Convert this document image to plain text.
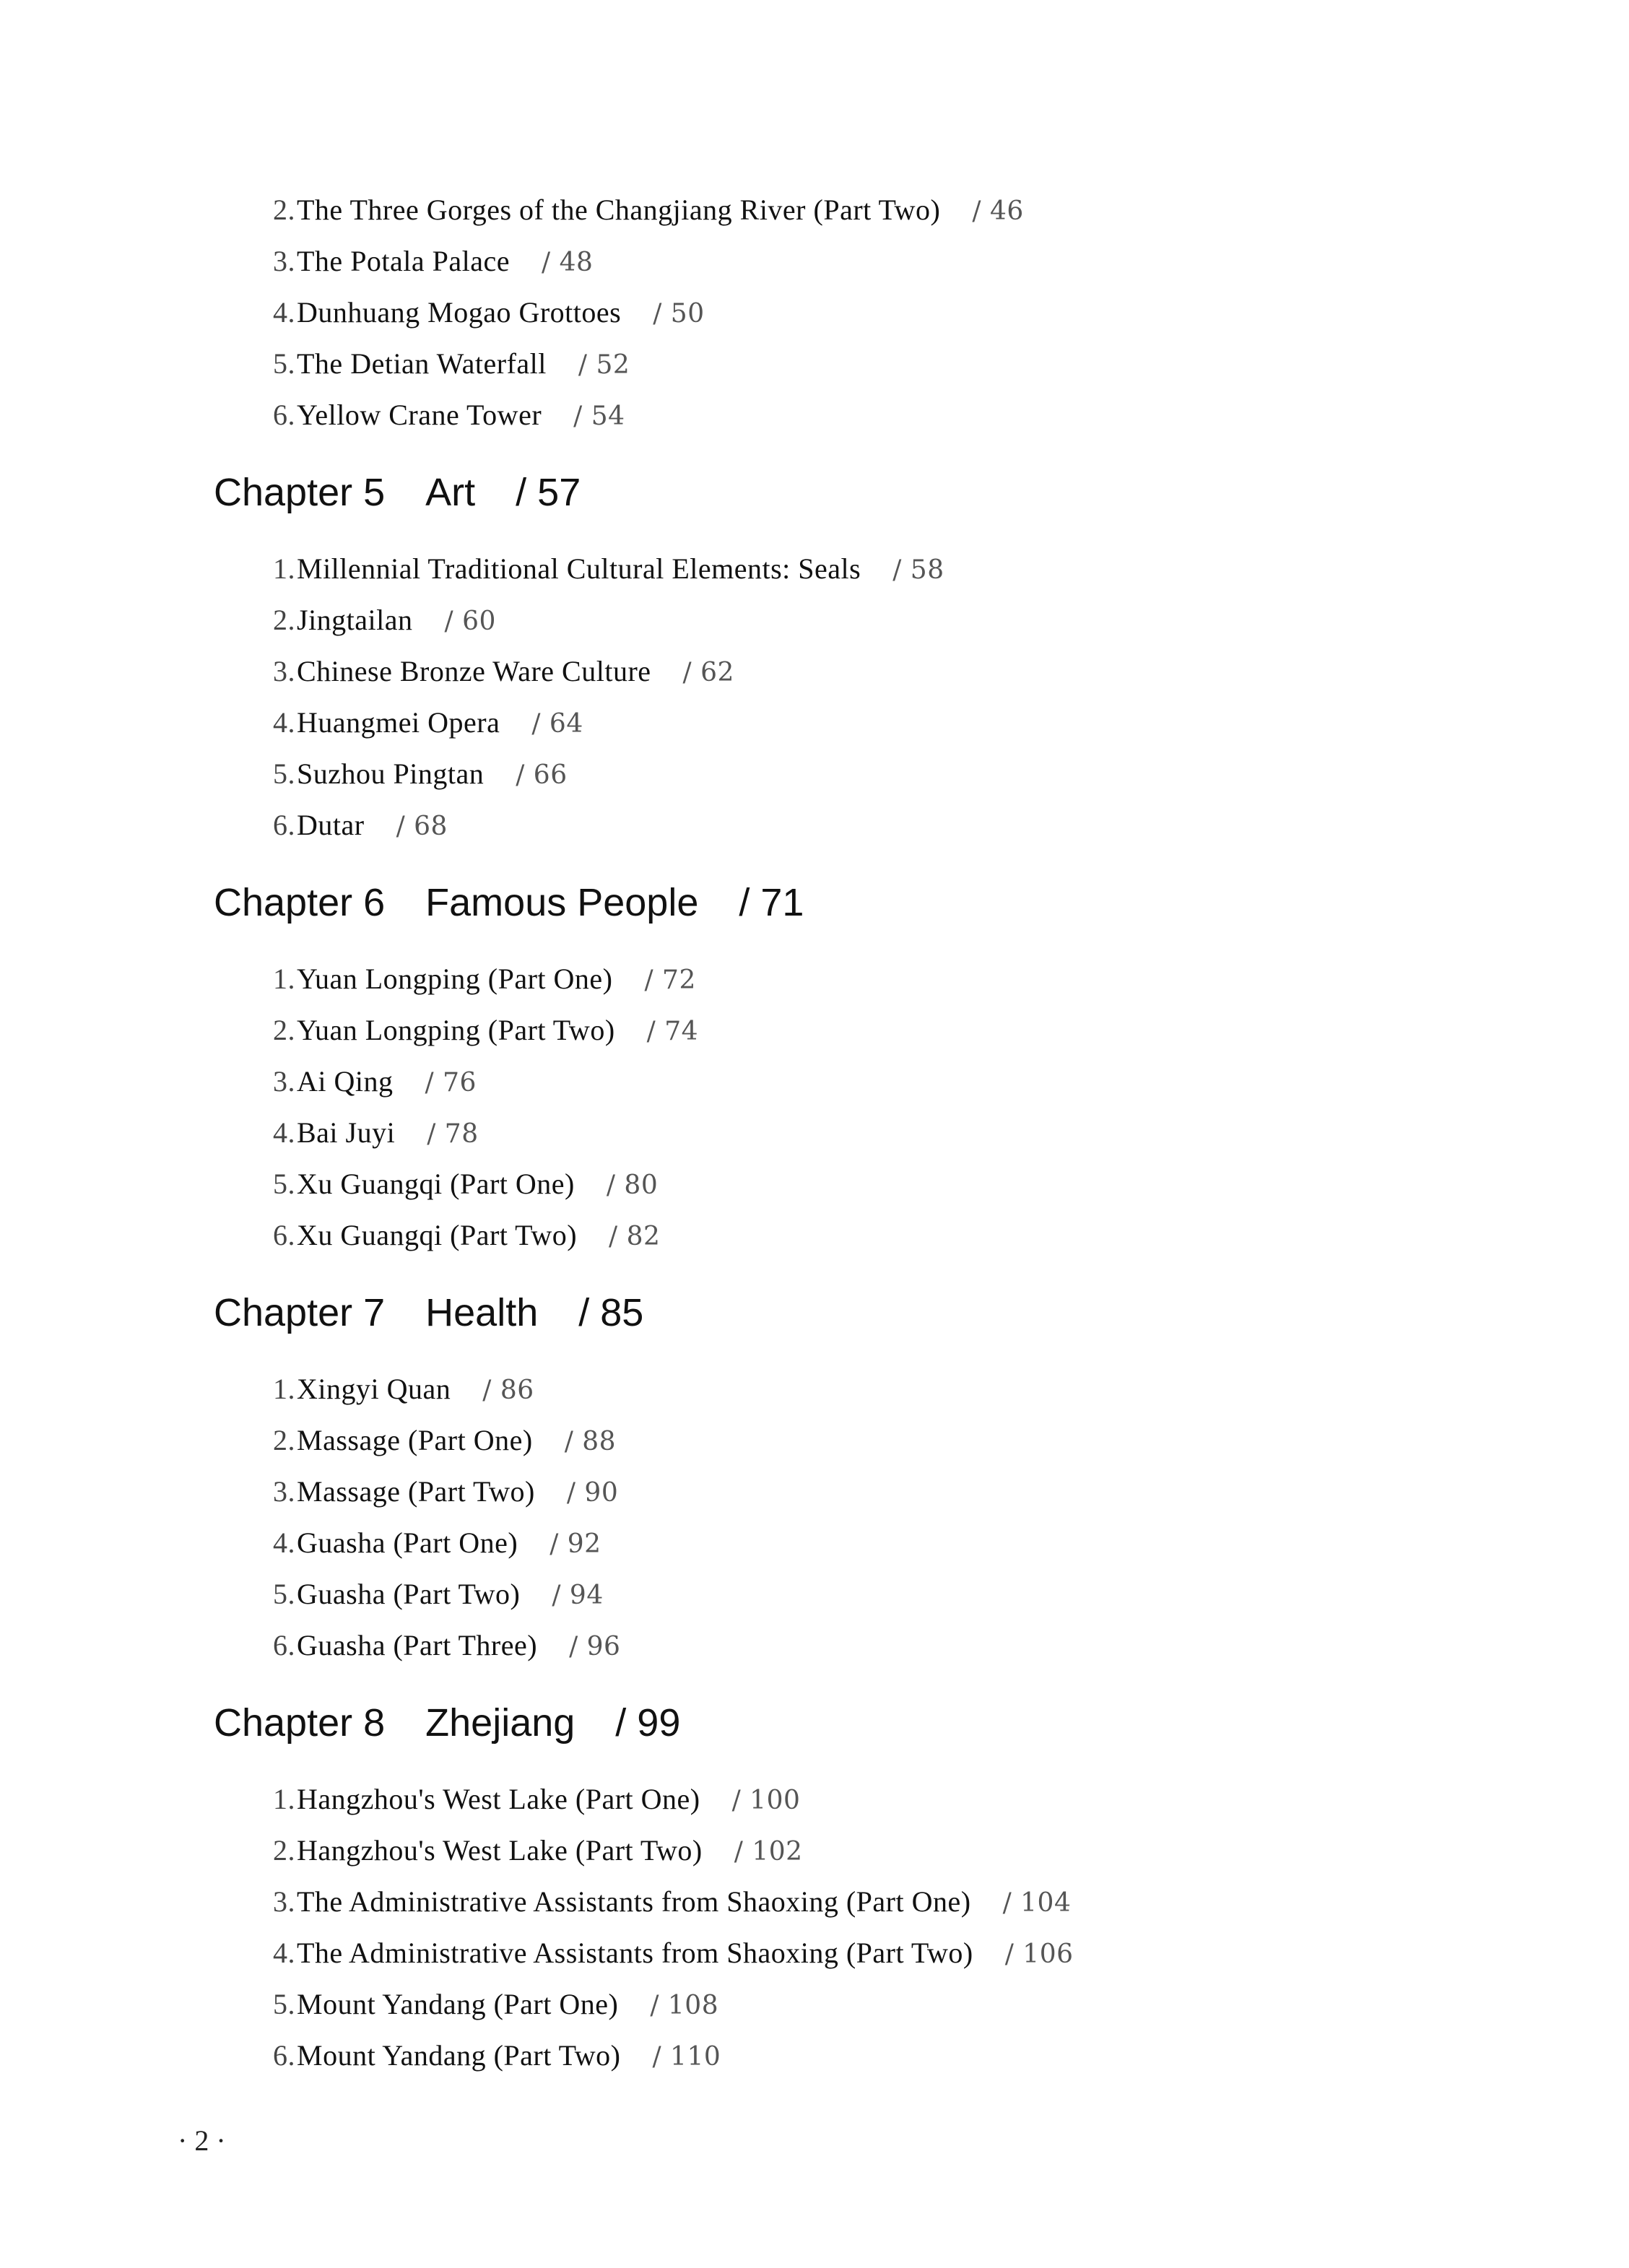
2.The Three Gorges of the Changjiang River (Part Two) / 46
3.The Potala Palace / 48
4.Dunhuang Mogao Grottoes / 50
5.The Detian Waterfall / 52
6.Yellow Crane Tower / 54
Chapter 5 Art / 57
1.Millennial Traditional Cultural Elements: Seals / 58
2.Jingtailan / 60
3.Chinese Bronze Ware Culture / 62
4.Huangmei Opera / 64
5.Suzhou Pingtan / 66
6.Dutar / 68
Chapter 6 Famous People / 71
1.Yuan Longping (Part One) / 72
2.Yuan Longping (Part Two) / 74
3.Ai Qing / 76
4.Bai Juyi / 78
5.Xu Guangqi (Part One) / 80
6.Xu Guangqi (Part Two) / 82
Chapter 7 Health / 85
1.Xingyi Quan / 86
2.Massage (Part One) / 88
3.Massage (Part Two) / 90
4.Guasha (Part One) / 92
5.Guasha (Part Two) / 94
6.Guasha (Part Three) / 96
Chapter 8 Zhejiang / 99
1.Hangzhou's West Lake (Part One) / 100
2.Hangzhou's West Lake (Part Two) / 102
3.The Administrative Assistants from Shaoxing (Part One) / 104
4.The Administrative Assistants from Shaoxing (Part Two) / 106
5.Mount Yandang (Part One) / 108
6.Mount Yandang (Part Two) / 110
· 2 ·
